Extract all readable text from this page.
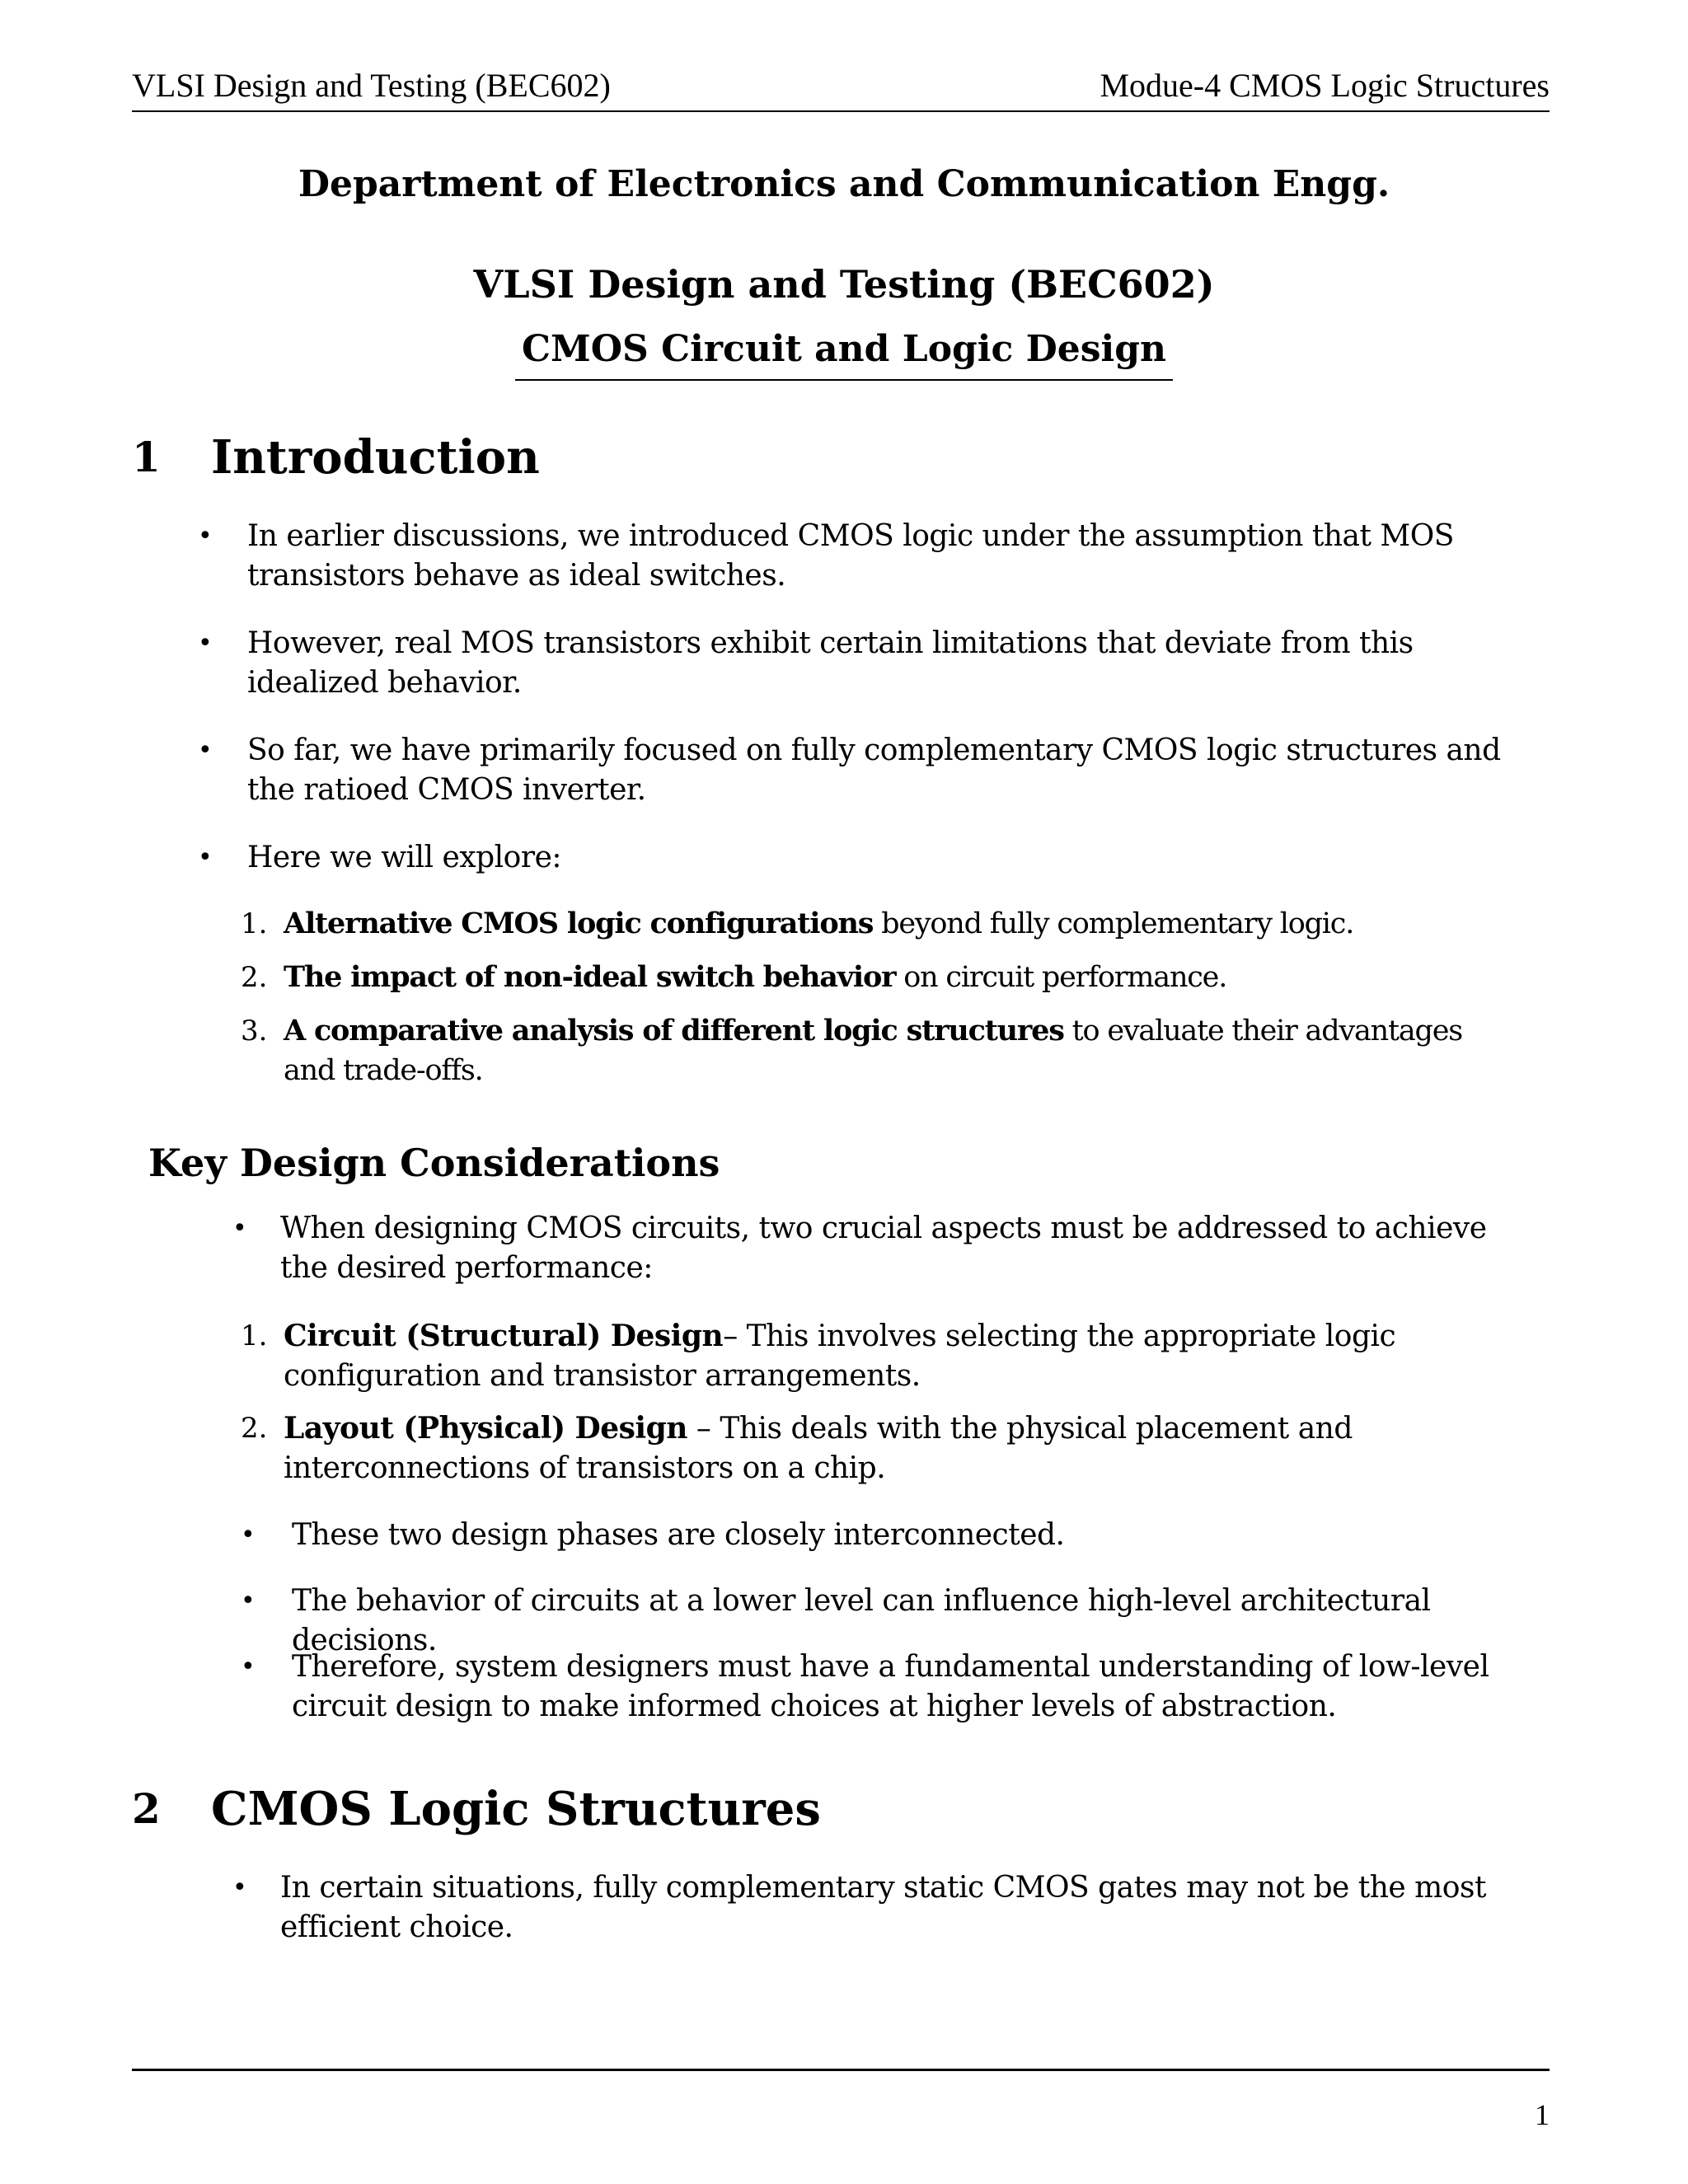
VLSI Design and Testing (BEC602)	Modue-4 CMOS Logic Structures
Department of Electronics and Communication Engg.
VLSI Design and Testing (BEC602)
CMOS Circuit and Logic Design
1 Introduction
• In earlier discussions, we introduced CMOS logic under the assumption that MOS transistors behave as ideal switches.
• However, real MOS transistors exhibit certain limitations that deviate from this idealized behavior.
• So far, we have primarily focused on fully complementary CMOS logic structures and the ratioed CMOS inverter.
• Here we will explore:
1. Alternative CMOS logic configurations beyond fully complementary logic.
2. The impact of non-ideal switch behavior on circuit performance.
3. A comparative analysis of different logic structures to evaluate their advantages and trade-offs.
Key Design Considerations
• When designing CMOS circuits, two crucial aspects must be addressed to achieve the desired performance:
1. Circuit (Structural) Design– This involves selecting the appropriate logic configuration and transistor arrangements.
2. Layout (Physical) Design – This deals with the physical placement and interconnections of transistors on a chip.
• These two design phases are closely interconnected.
• The behavior of circuits at a lower level can influence high-level architectural decisions.
• Therefore, system designers must have a fundamental understanding of low-level circuit design to make informed choices at higher levels of abstraction.
2 CMOS Logic Structures
• In certain situations, fully complementary static CMOS gates may not be the most efficient choice.
1
